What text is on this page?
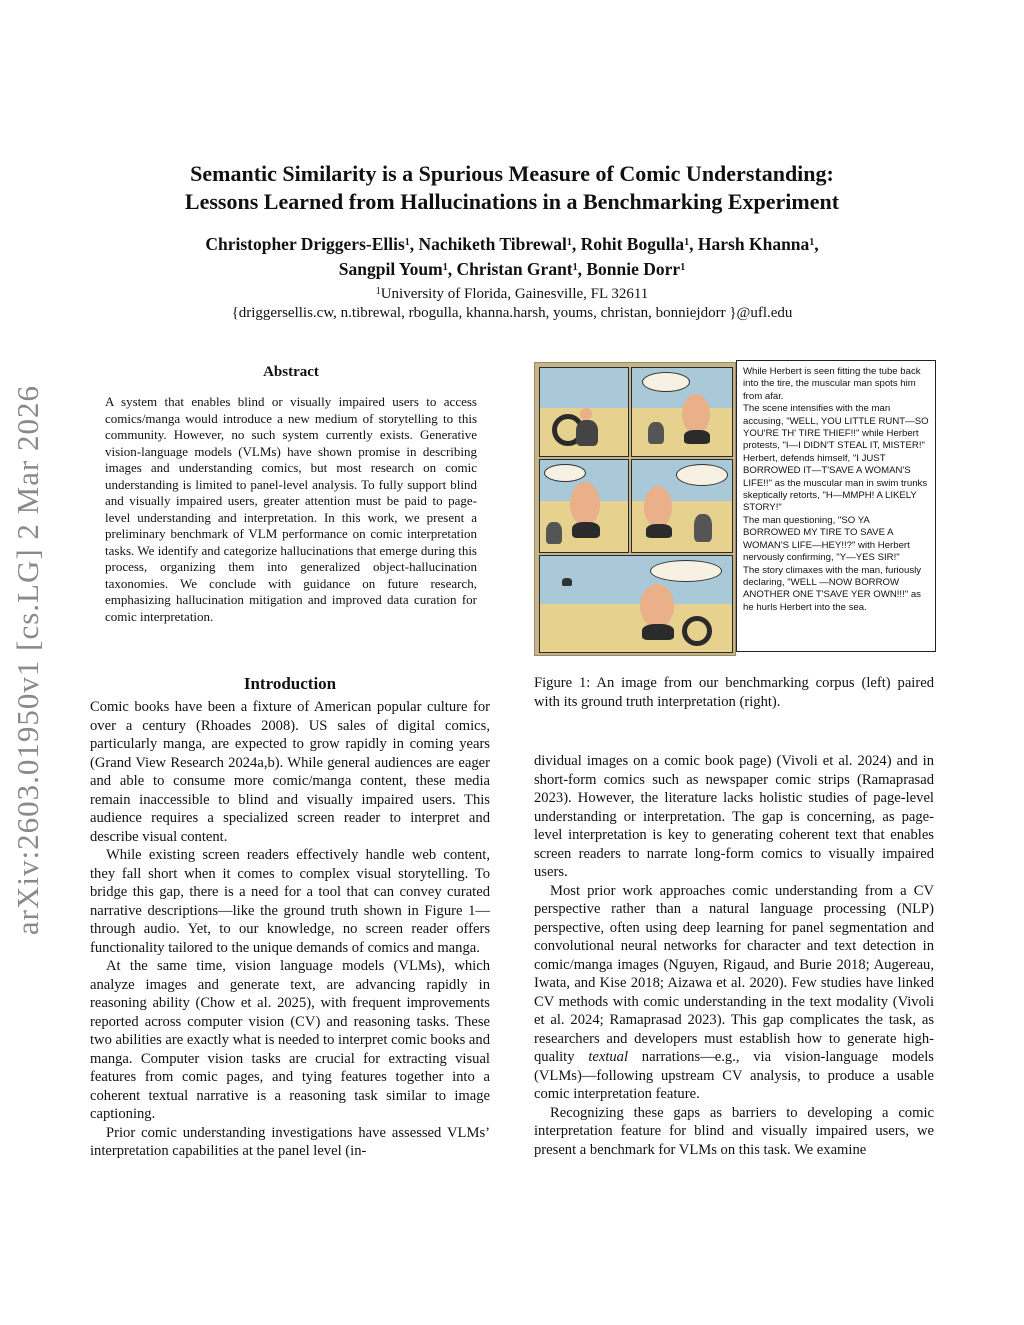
arXiv:2603.01950v1 [cs.LG] 2 Mar 2026
Semantic Similarity is a Spurious Measure of Comic Understanding:
Lessons Learned from Hallucinations in a Benchmarking Experiment
Christopher Driggers-Ellis$^1$, Nachiketh Tibrewal$^1$, Rohit Bogulla$^1$, Harsh Khanna$^1$,
Sangpil Youm$^1$, Christan Grant$^1$, Bonnie Dorr$^1$
$^1$University of Florida, Gainesville, FL 32611
{driggersellis.cw, n.tibrewal, rbogulla, khanna.harsh, youms, christan, bonniejdorr }@ufl.edu
Abstract
A system that enables blind or visually impaired users to access comics/manga would introduce a new medium of storytelling to this community. However, no such system currently exists. Generative vision-language models (VLMs) have shown promise in describing images and understanding comics, but most research on comic understanding is limited to panel-level analysis. To fully support blind and visually impaired users, greater attention must be paid to page-level understanding and interpretation. In this work, we present a preliminary benchmark of VLM performance on comic interpretation tasks. We identify and categorize hallucinations that emerge during this process, organizing them into generalized object-hallucination taxonomies. We conclude with guidance on future research, emphasizing hallucination mitigation and improved data curation for comic interpretation.
Introduction

Comic books have been a fixture of American popular culture for over a century (Rhoades 2008). US sales of digital comics, particularly manga, are expected to grow rapidly in coming years (Grand View Research 2024a,b). While general audiences are eager and able to consume more comic/manga content, these media remain inaccessible to blind and visually impaired users. This audience requires a specialized screen reader to interpret and describe visual content.

While existing screen readers effectively handle web content, they fall short when it comes to complex visual storytelling. To bridge this gap, there is a need for a tool that can convey curated narrative descriptions—like the ground truth shown in Figure 1—through audio. Yet, to our knowledge, no screen reader offers functionality tailored to the unique demands of comics and manga.

At the same time, vision language models (VLMs), which analyze images and generate text, are advancing rapidly in reasoning ability (Chow et al. 2025), with frequent improvements reported across computer vision (CV) and reasoning tasks. These two abilities are exactly what is needed to interpret comic books and manga. Computer vision tasks are crucial for extracting visual features from comic pages, and tying features together into a coherent textual narrative is a reasoning task similar to image captioning.

Prior comic understanding investigations have assessed VLMs’ interpretation capabilities at the panel level (in-

While Herbert is seen fitting the tube back into the tire, the muscular man spots him from afar.

The scene intensifies with the man accusing, "WELL, YOU LITTLE RUNT—SO YOU'RE TH' TIRE THIEF!!" while Herbert protests, "I—I DIDN'T STEAL IT, MISTER!"

Herbert, defends himself, "I JUST BORROWED IT—T'SAVE A WOMAN'S LIFE!!" as the muscular man in swim trunks skeptically retorts, "H—MMPH! A LIKELY STORY!"

The man questioning, "SO YA BORROWED MY TIRE TO SAVE A WOMAN'S LIFE—HEY!!?" with Herbert nervously confirming, "Y—YES SIR!"

The story climaxes with the man, furiously declaring, "WELL —NOW BORROW ANOTHER ONE T'SAVE YER OWN!!!" as he hurls Herbert into the sea.

Figure 1: An image from our benchmarking corpus (left) paired with its ground truth interpretation (right).

dividual images on a comic book page) (Vivoli et al. 2024) and in short-form comics such as newspaper comic strips (Ramaprasad 2023). However, the literature lacks holistic studies of page-level understanding or interpretation. The gap is concerning, as page-level interpretation is key to generating coherent text that enables screen readers to narrate long-form comics to visually impaired users.

Most prior work approaches comic understanding from a CV perspective rather than a natural language processing (NLP) perspective, often using deep learning for panel segmentation and convolutional neural networks for character and text detection in comic/manga images (Nguyen, Rigaud, and Burie 2018; Augereau, Iwata, and Kise 2018; Aizawa et al. 2020). Few studies have linked CV methods with comic understanding in the text modality (Vivoli et al. 2024; Ramaprasad 2023). This gap complicates the task, as researchers and developers must establish how to generate high-quality textual narrations—e.g., via vision-language models (VLMs)—following upstream CV analysis, to produce a usable comic interpretation feature.

Recognizing these gaps as barriers to developing a comic interpretation feature for blind and visually impaired users, we present a benchmark for VLMs on this task. We examine
